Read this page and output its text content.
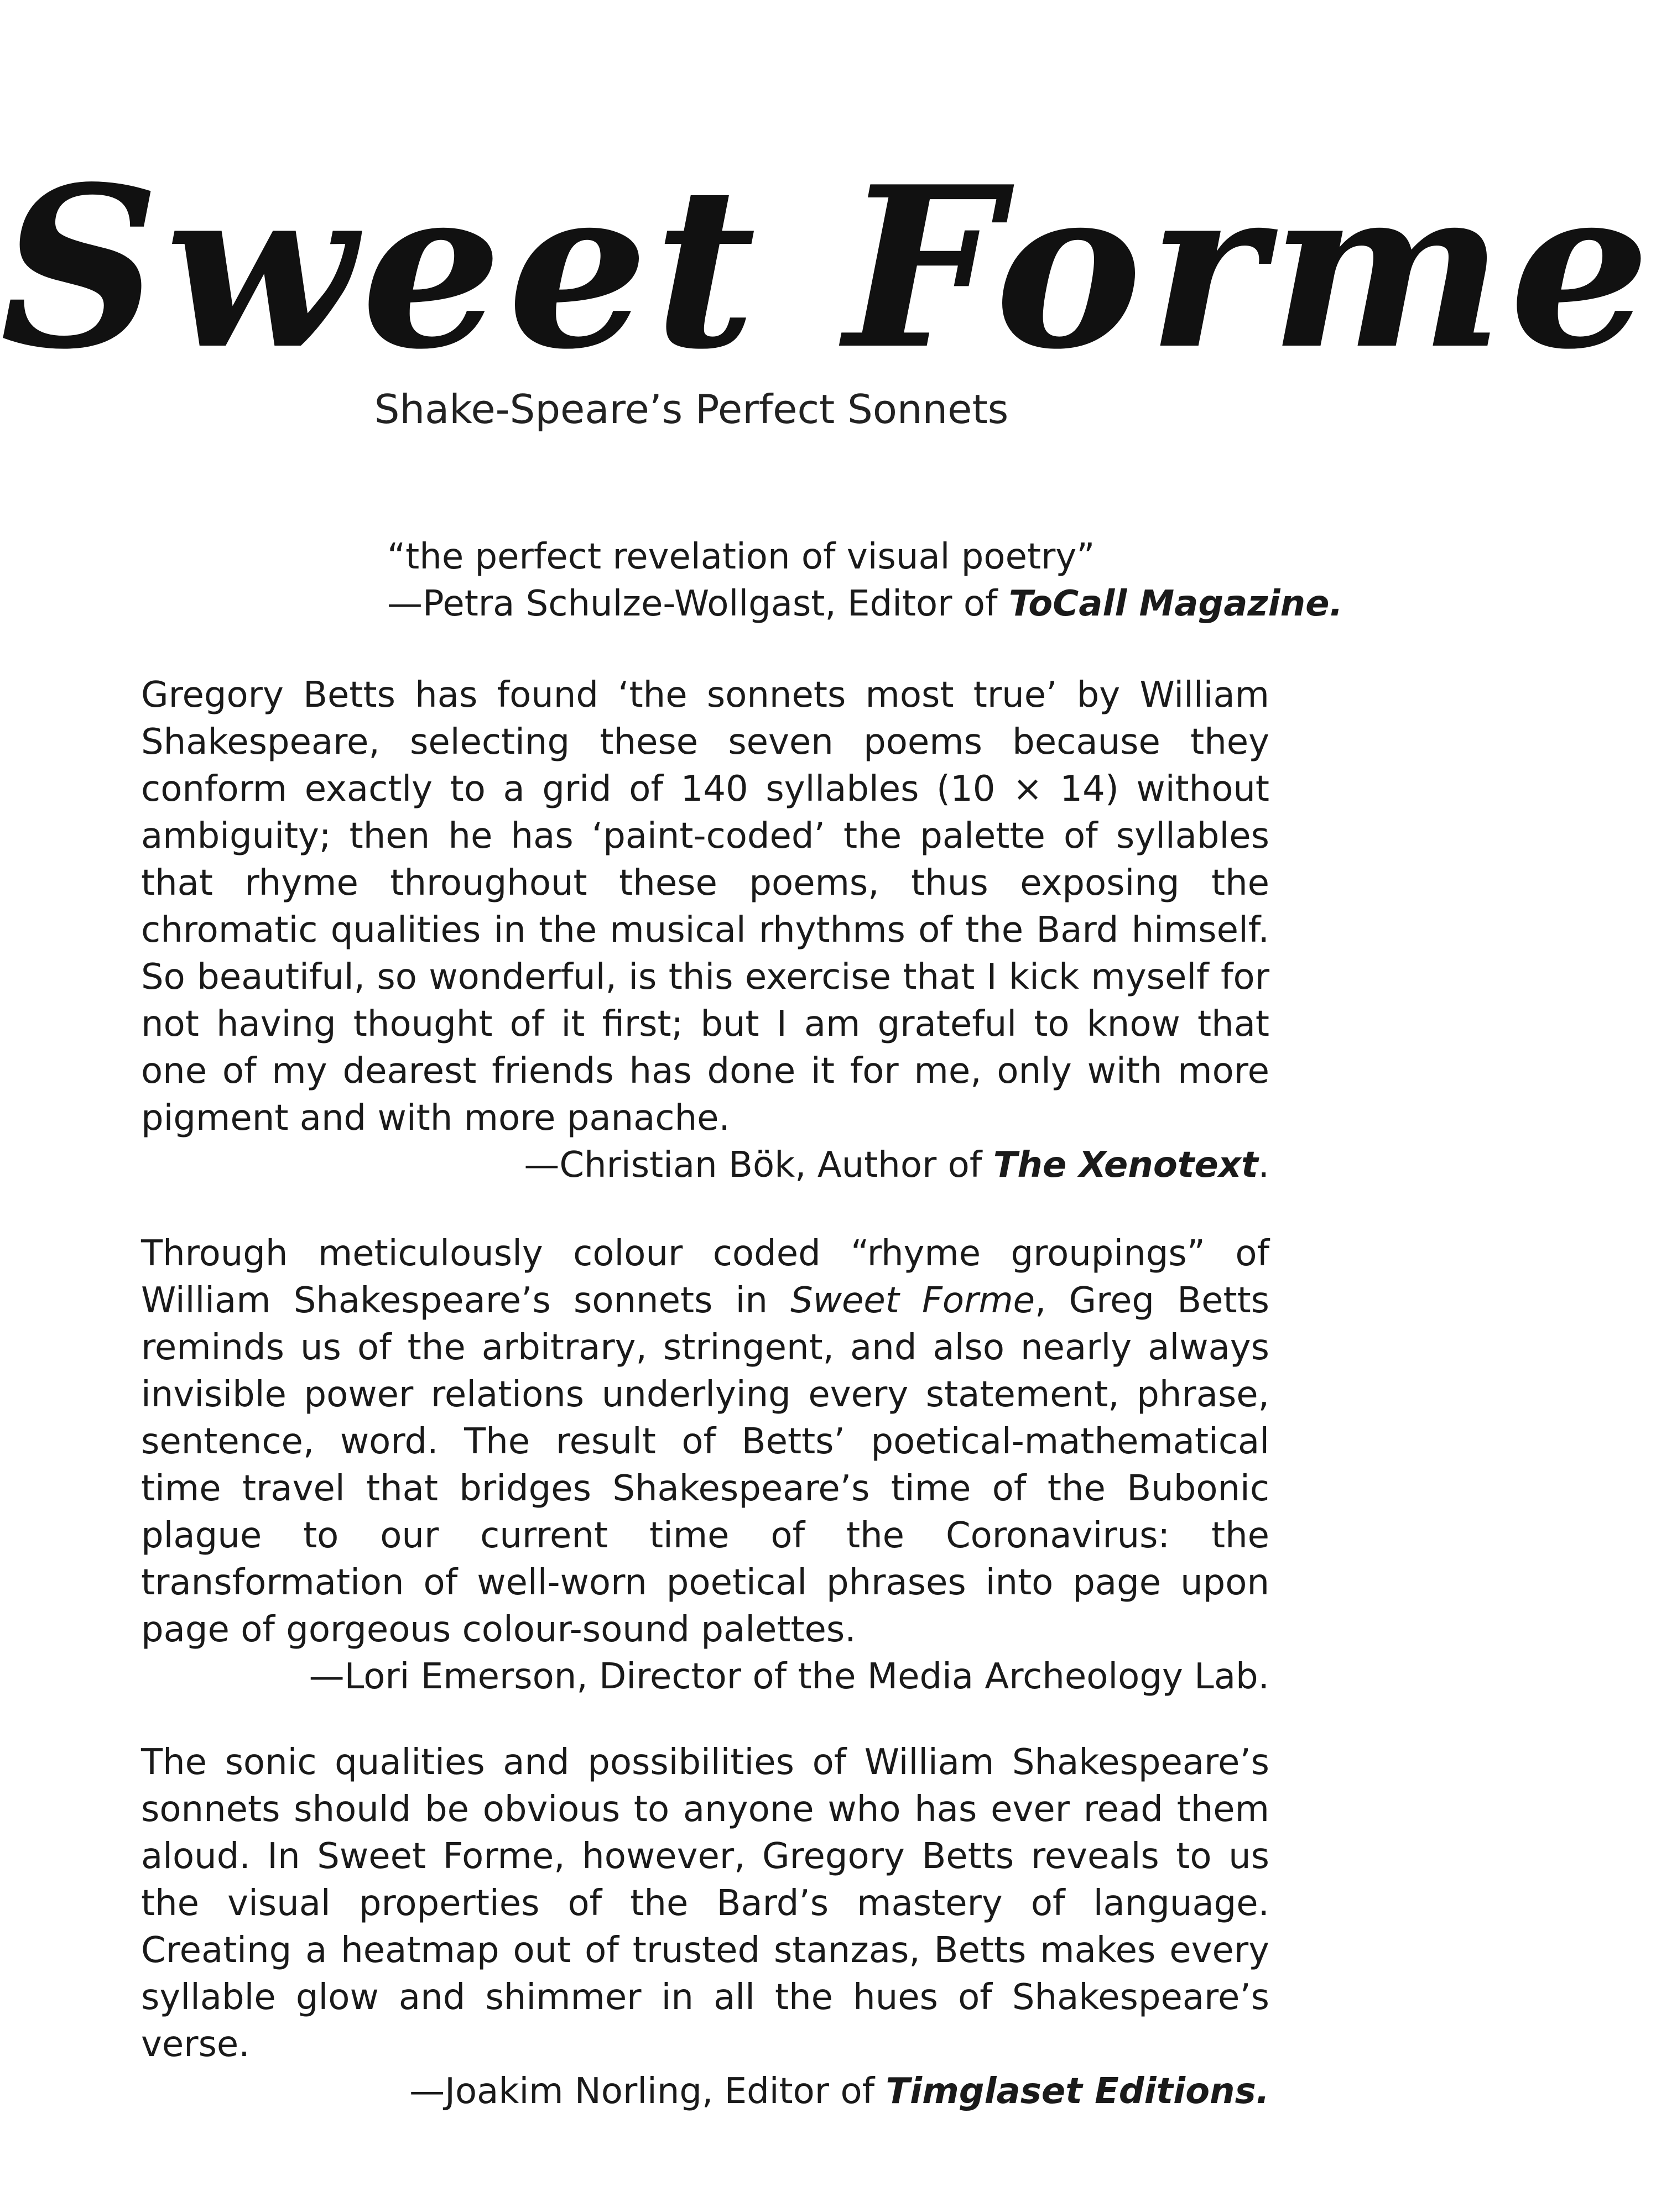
Sweet Forme
Shake-Speare’s Perfect Sonnets

“the perfect revelation of visual poetry”

—Petra Schulze-Wollgast, Editor of ToCall Magazine.

Gregory Betts has found ‘the sonnets most true’ by William Shakespeare, selecting these seven poems because they conform exactly to a grid of 140 syllables (10 × 14) without ambiguity; then he has ‘paint-coded’ the palette of syllables that rhyme throughout these poems, thus exposing the chromatic qualities in the musical rhythms of the Bard himself. So beautiful, so wonderful, is this exercise that I kick myself for not having thought of it first; but I am grateful to know that one of my dearest friends has done it for me, only with more pigment and with more panache.

—Christian Bök, Author of The Xenotext.

Through meticulously colour coded “rhyme groupings” of William Shakespeare’s sonnets in Sweet Forme, Greg Betts reminds us of the arbitrary, stringent, and also nearly always invisible power relations underlying every statement, phrase, sentence, word. The result of Betts’ poetical-mathematical time travel that bridges Shakespeare’s time of the Bubonic plague to our current time of the Coronavirus: the transformation of well-worn poetical phrases into page upon page of gorgeous colour-sound palettes.

—Lori Emerson, Director of the Media Archeology Lab.

The sonic qualities and possibilities of William Shakespeare’s sonnets should be obvious to anyone who has ever read them aloud. In Sweet Forme, however, Gregory Betts reveals to us the visual properties of the Bard’s mastery of language. Creating a heatmap out of trusted stanzas, Betts makes every syllable glow and shimmer in all the hues of Shakespeare’s verse.

—Joakim Norling, Editor of Timglaset Editions.
